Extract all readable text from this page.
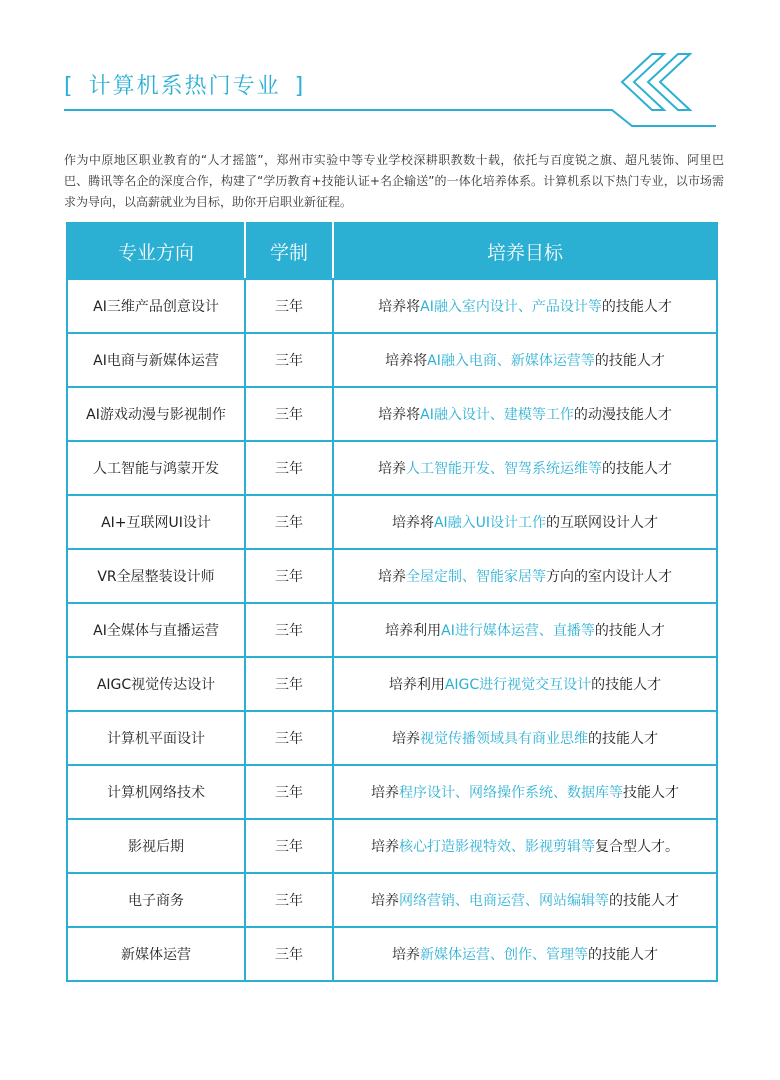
[ 计算机系热门专业 ]

作为中原地区职业教育的“人才摇篮”，郑州市实验中等专业学校深耕职教数十载，依托与百度锐之旗、超凡装饰、阿里巴巴、腾讯等名企的深度合作，构建了“学历教育+技能认证+名企输送”的一体化培养体系。计算机系以下热门专业，以市场需求为导向，以高薪就业为目标，助你开启职业新征程。

专业方向	学制	培养目标
AI三维产品创意设计	三年	培养将AI融入室内设计、产品设计等的技能人才
AI电商与新媒体运营	三年	培养将AI融入电商、新媒体运营等的技能人才
AI游戏动漫与影视制作	三年	培养将AI融入设计、建模等工作的动漫技能人才
人工智能与鸿蒙开发	三年	培养人工智能开发、智驾系统运维等的技能人才
AI+互联网UI设计	三年	培养将AI融入UI设计工作的互联网设计人才
VR全屋整装设计师	三年	培养全屋定制、智能家居等方向的室内设计人才
AI全媒体与直播运营	三年	培养利用AI进行媒体运营、直播等的技能人才
AIGC视觉传达设计	三年	培养利用AIGC进行视觉交互设计的技能人才
计算机平面设计	三年	培养视觉传播领域具有商业思维的技能人才
计算机网络技术	三年	培养程序设计、网络操作系统、数据库等技能人才
影视后期	三年	培养核心打造影视特效、影视剪辑等复合型人才。
电子商务	三年	培养网络营销、电商运营、网站编辑等的技能人才
新媒体运营	三年	培养新媒体运营、创作、管理等的技能人才
